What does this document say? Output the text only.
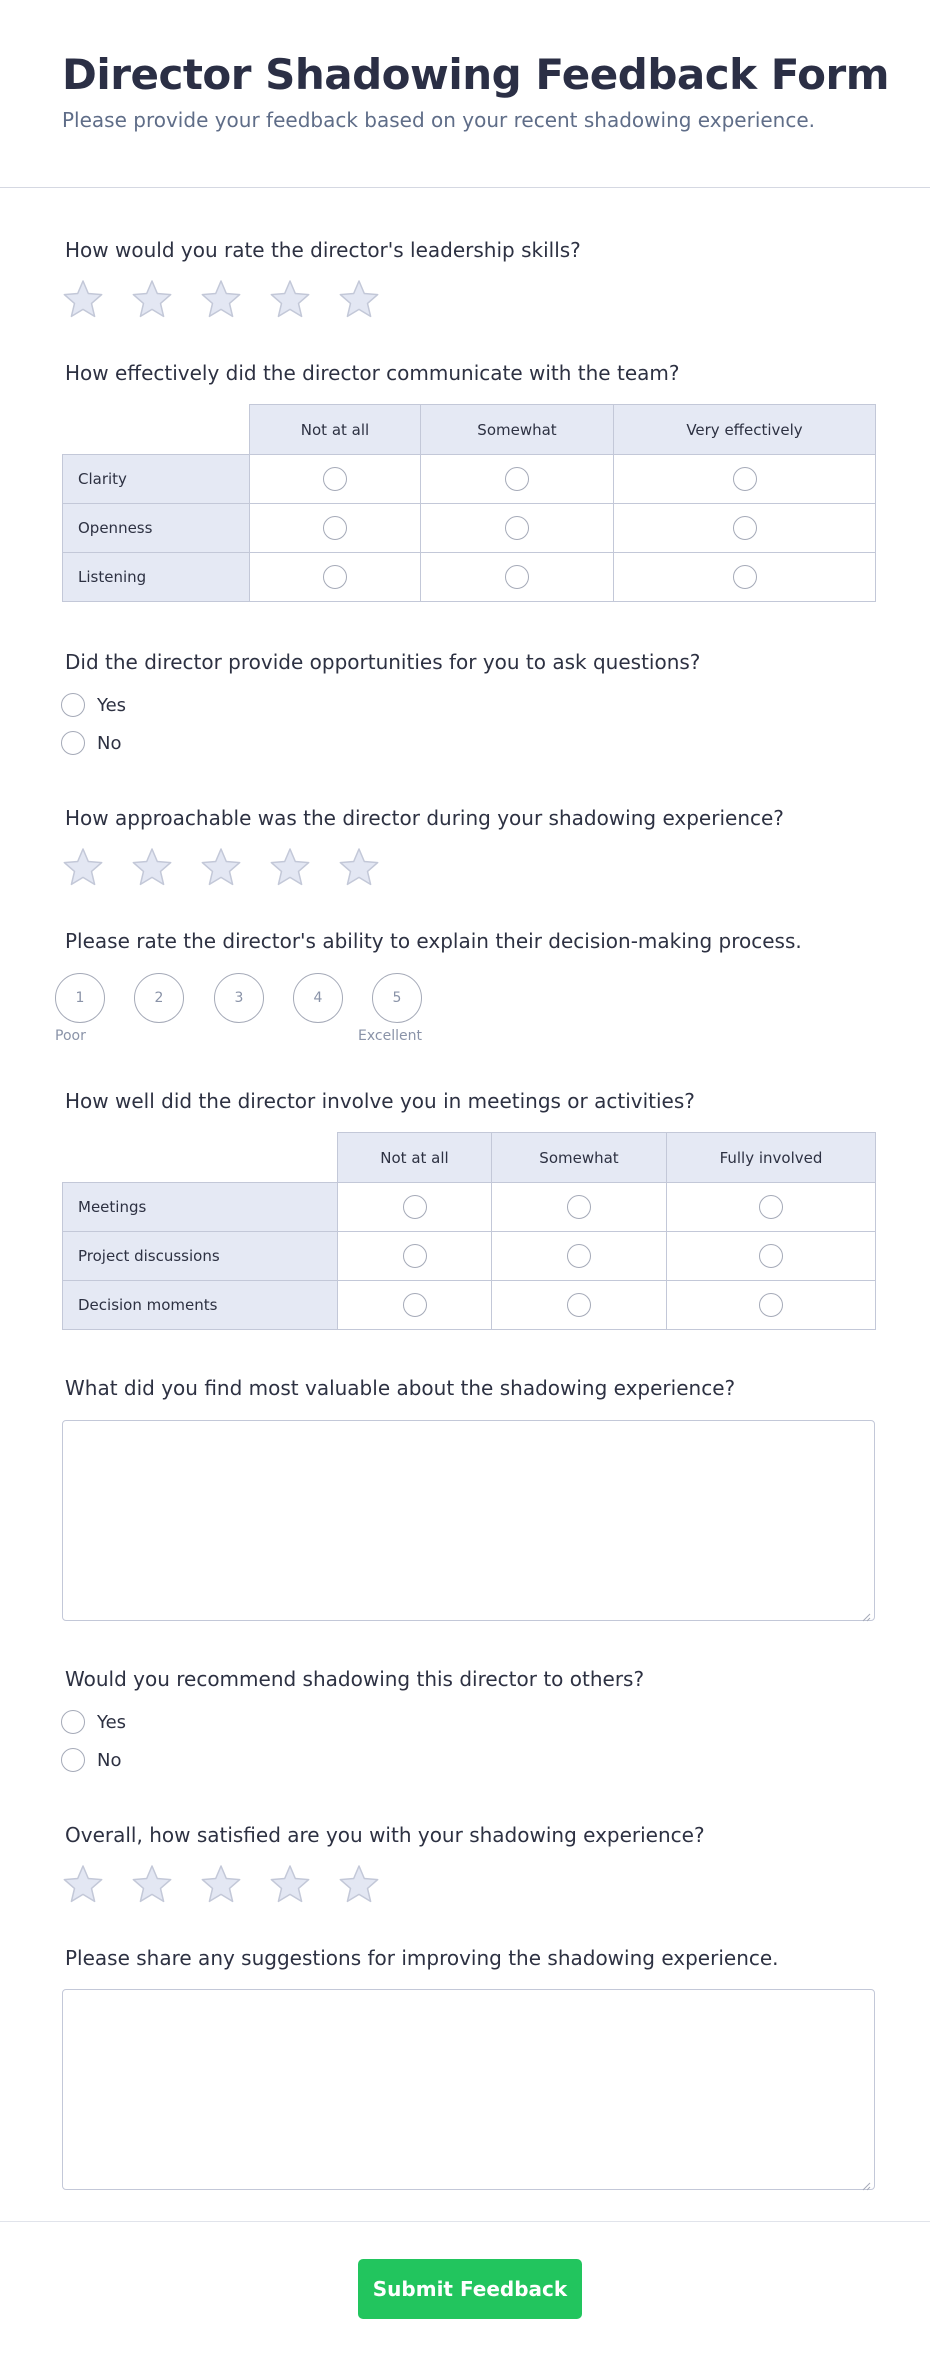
Director Shadowing Feedback Form

Please provide your feedback based on your recent shadowing experience.

How would you rate the director's leadership skills?
How effectively did the director communicate with the team?
	Not at all	Somewhat	Very effectively
Clarity	

Openness	

Listening	

Did the director provide opportunities for you to ask questions?
Yes
No
How approachable was the director during your shadowing experience?
Please rate the director's ability to explain their decision-making process.
1	2	3	4	5
Poor	Excellent
How well did the director involve you in meetings or activities?
	Not at all	Somewhat	Fully involved
Meetings	

Project discussions	

Decision moments	

What did you find most valuable about the shadowing experience?
Would you recommend shadowing this director to others?
Yes
No
Overall, how satisfied are you with your shadowing experience?
Please share any suggestions for improving the shadowing experience.
Submit Feedback
